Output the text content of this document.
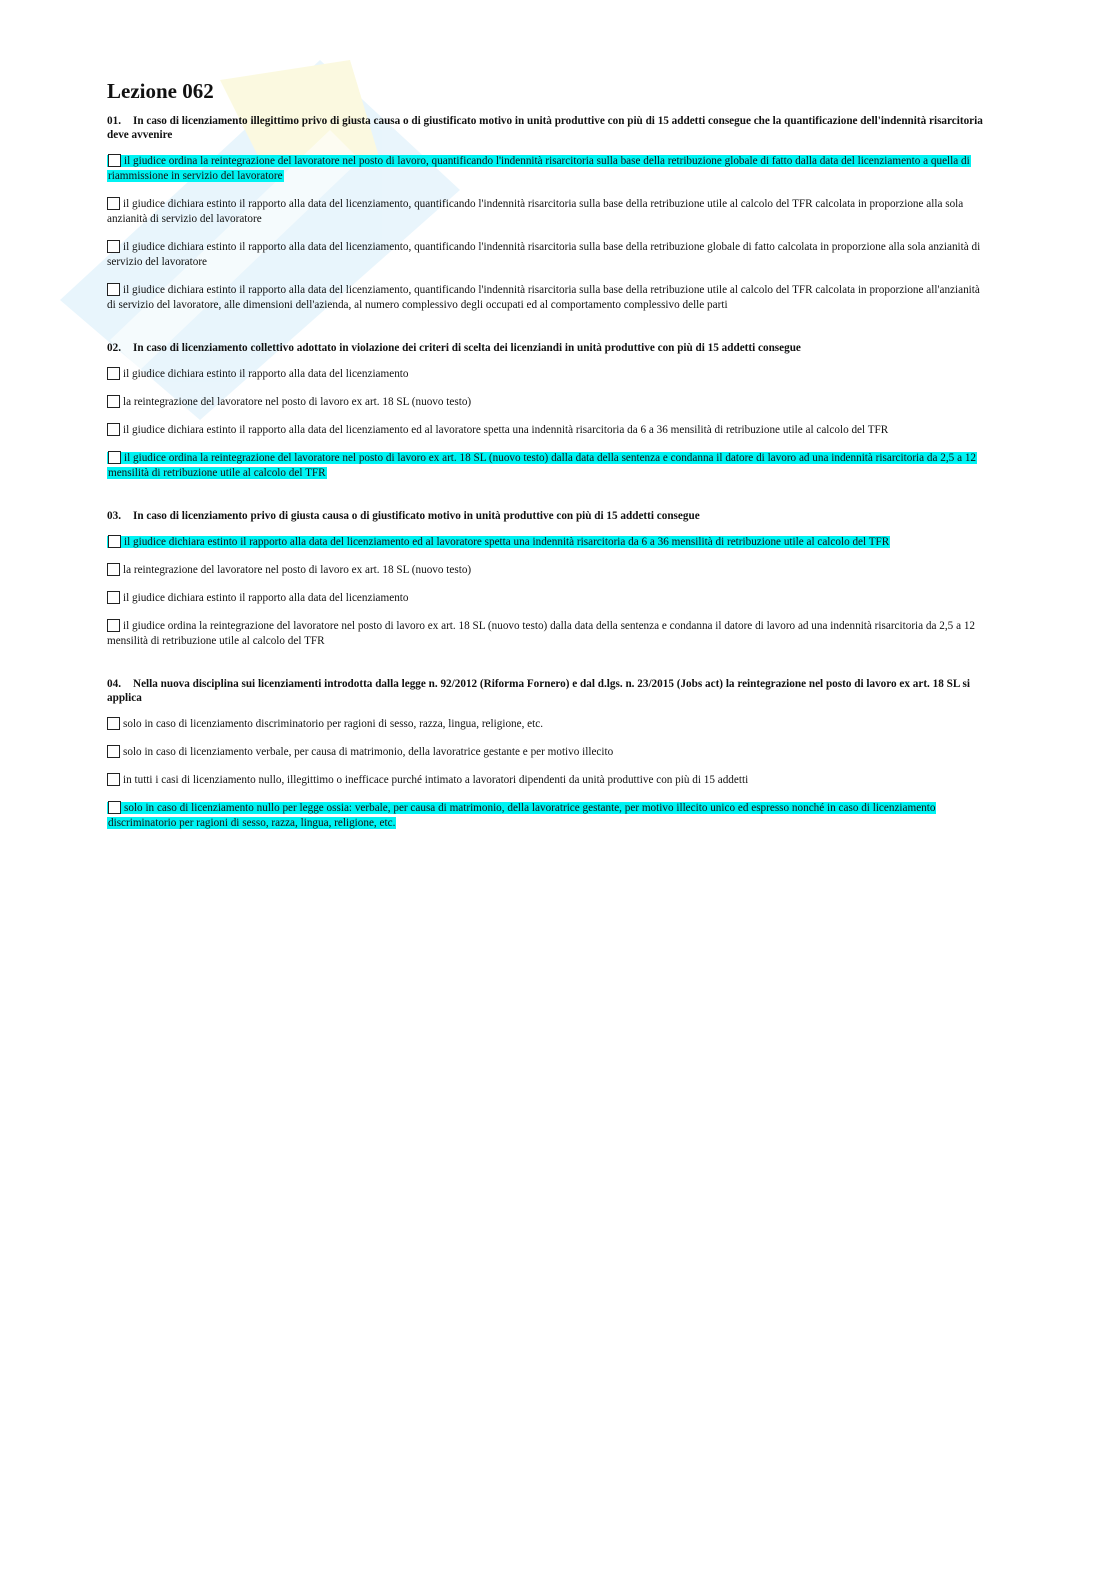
Lezione 062
01. In caso di licenziamento illegittimo privo di giusta causa o di giustificato motivo in unità produttive con più di 15 addetti consegue che la quantificazione dell'indennità risarcitoria deve avvenire
il giudice ordina la reintegrazione del lavoratore nel posto di lavoro, quantificando l'indennità risarcitoria sulla base della retribuzione globale di fatto dalla data del licenziamento a quella di riammissione in servizio del lavoratore
il giudice dichiara estinto il rapporto alla data del licenziamento, quantificando l'indennità risarcitoria sulla base della retribuzione utile al calcolo del TFR calcolata in proporzione alla sola anzianità di servizio del lavoratore
il giudice dichiara estinto il rapporto alla data del licenziamento, quantificando l'indennità risarcitoria sulla base della retribuzione globale di fatto calcolata in proporzione alla sola anzianità di servizio del lavoratore
il giudice dichiara estinto il rapporto alla data del licenziamento, quantificando l'indennità risarcitoria sulla base della retribuzione utile al calcolo del TFR calcolata in proporzione all'anzianità di servizio del lavoratore, alle dimensioni dell'azienda, al numero complessivo degli occupati ed al comportamento complessivo delle parti
02. In caso di licenziamento collettivo adottato in violazione dei criteri di scelta dei licenziandi in unità produttive con più di 15 addetti consegue
il giudice dichiara estinto il rapporto alla data del licenziamento
la reintegrazione del lavoratore nel posto di lavoro ex art. 18 SL (nuovo testo)
il giudice dichiara estinto il rapporto alla data del licenziamento ed al lavoratore spetta una indennità risarcitoria da 6 a 36 mensilità di retribuzione utile al calcolo del TFR
il giudice ordina la reintegrazione del lavoratore nel posto di lavoro ex art. 18 SL (nuovo testo) dalla data della sentenza e condanna il datore di lavoro ad una indennità risarcitoria da 2,5 a 12 mensilità di retribuzione utile al calcolo del TFR
03. In caso di licenziamento privo di giusta causa o di giustificato motivo in unità produttive con più di 15 addetti consegue
il giudice dichiara estinto il rapporto alla data del licenziamento ed al lavoratore spetta una indennità risarcitoria da 6 a 36 mensilità di retribuzione utile al calcolo del TFR
la reintegrazione del lavoratore nel posto di lavoro ex art. 18 SL (nuovo testo)
il giudice dichiara estinto il rapporto alla data del licenziamento
il giudice ordina la reintegrazione del lavoratore nel posto di lavoro ex art. 18 SL (nuovo testo) dalla data della sentenza e condanna il datore di lavoro ad una indennità risarcitoria da 2,5 a 12 mensilità di retribuzione utile al calcolo del TFR
04. Nella nuova disciplina sui licenziamenti introdotta dalla legge n. 92/2012 (Riforma Fornero) e dal d.lgs. n. 23/2015 (Jobs act) la reintegrazione nel posto di lavoro ex art. 18 SL si applica
solo in caso di licenziamento discriminatorio per ragioni di sesso, razza, lingua, religione, etc.
solo in caso di licenziamento verbale, per causa di matrimonio, della lavoratrice gestante e per motivo illecito
in tutti i casi di licenziamento nullo, illegittimo o inefficace purché intimato a lavoratori dipendenti da unità produttive con più di 15 addetti
solo in caso di licenziamento nullo per legge ossia: verbale, per causa di matrimonio, della lavoratrice gestante, per motivo illecito unico ed espresso nonché in caso di licenziamento discriminatorio per ragioni di sesso, razza, lingua, religione, etc.
